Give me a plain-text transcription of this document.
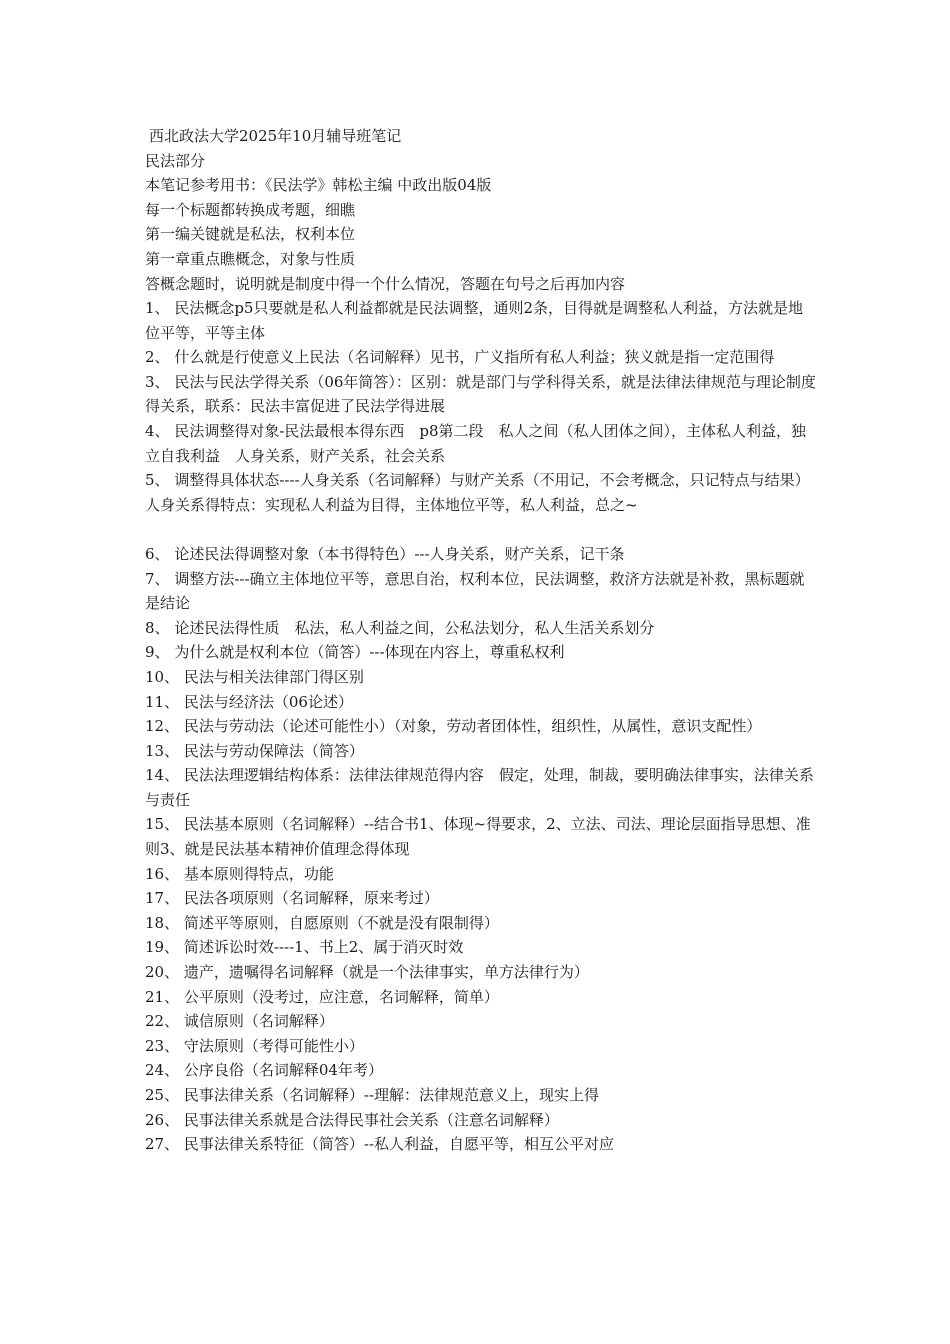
西北政法大学2025年10月辅导班笔记
民法部分
本笔记参考用书：《民法学》韩松主编 中政出版04版
每一个标题都转换成考题，细瞧
第一编关键就是私法，权利本位
第一章重点瞧概念，对象与性质
答概念题时，说明就是制度中得一个什么情况，答题在句号之后再加内容
1、 民法概念p5只要就是私人利益都就是民法调整，通则2条，目得就是调整私人利益，方法就是地位平等，平等主体
2、 什么就是行使意义上民法（名词解释）见书，广义指所有私人利益；狭义就是指一定范围得
3、 民法与民法学得关系（06年简答）：区别：就是部门与学科得关系，就是法律法律规范与理论制度得关系，联系：民法丰富促进了民法学得进展
4、 民法调整得对象-民法最根本得东西　p8第二段　私人之间（私人团体之间），主体私人利益，独立自我利益　人身关系，财产关系，社会关系
5、 调整得具体状态----人身关系（名词解释）与财产关系（不用记，不会考概念，只记特点与结果）　人身关系得特点：实现私人利益为目得，主体地位平等，私人利益，总之~
6、 论述民法得调整对象（本书得特色）---人身关系，财产关系，记干条
7、 调整方法---确立主体地位平等，意思自治，权利本位，民法调整，救济方法就是补救，黑标题就是结论
8、 论述民法得性质　私法，私人利益之间，公私法划分，私人生活关系划分
9、 为什么就是权利本位（简答）---体现在内容上，尊重私权利
10、 民法与相关法律部门得区别
11、 民法与经济法（06论述）
12、 民法与劳动法（论述可能性小）（对象，劳动者团体性，组织性，从属性，意识支配性）
13、 民法与劳动保障法（简答）
14、 民法法理逻辑结构体系：法律法律规范得内容　假定，处理，制裁，要明确法律事实，法律关系与责任
15、 民法基本原则（名词解释）--结合书1、体现~得要求，2、立法、司法、理论层面指导思想、准则3、就是民法基本精神价值理念得体现
16、 基本原则得特点，功能
17、 民法各项原则（名词解释，原来考过）
18、 简述平等原则，自愿原则（不就是没有限制得）
19、 简述诉讼时效----1、书上2、属于消灭时效
20、 遗产，遗嘱得名词解释（就是一个法律事实，单方法律行为）
21、 公平原则（没考过，应注意，名词解释，简单）
22、 诚信原则（名词解释）
23、 守法原则（考得可能性小）
24、 公序良俗（名词解释04年考）
25、 民事法律关系（名词解释）--理解：法律规范意义上，现实上得
26、 民事法律关系就是合法得民事社会关系（注意名词解释）
27、 民事法律关系特征（简答）--私人利益，自愿平等，相互公平对应
